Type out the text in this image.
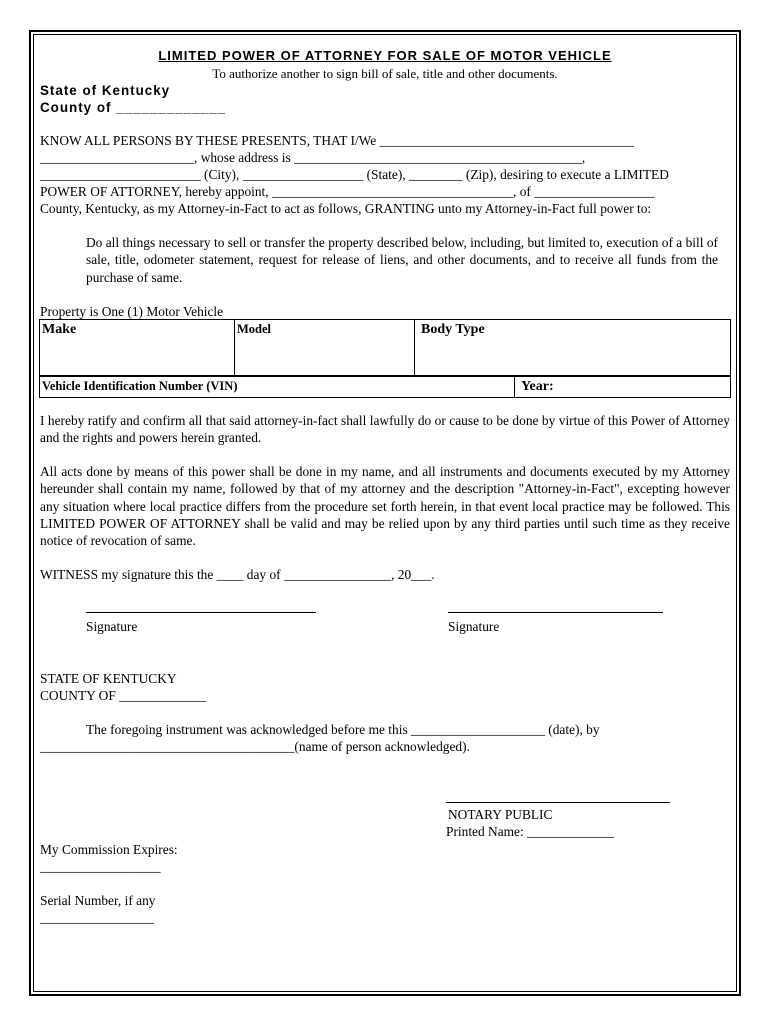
LIMITED POWER OF ATTORNEY FOR SALE OF MOTOR VEHICLE
To authorize another to sign bill of sale, title and other documents.
State of Kentucky
County of _____________
KNOW ALL PERSONS BY THESE PRESENTS, THAT I/We ______________________________________
_______________________, whose address is ___________________________________________,
________________________ (City), __________________ (State), ________ (Zip), desiring to execute a LIMITED
POWER OF ATTORNEY, hereby appoint, ____________________________________, of __________________
County, Kentucky, as my Attorney-in-Fact to act as follows, GRANTING unto my Attorney-in-Fact full power to:
Do all things necessary to sell or transfer the property described below, including, but limited to, execution of a bill of sale, title, odometer statement, request for release of liens, and other documents, and to receive all funds from the purchase of same.
Property is One (1) Motor Vehicle
Make	Model	Body Type
Vehicle Identification Number (VIN)	Year:
I hereby ratify and confirm all that said attorney-in-fact shall lawfully do or cause to be done by virtue of this Power of Attorney and the rights and powers herein granted.
All acts done by means of this power shall be done in my name, and all instruments and documents executed by my Attorney hereunder shall contain my name, followed by that of my attorney and the description "Attorney-in-Fact", excepting however any situation where local practice differs from the procedure set forth herein, in that event local practice may be followed. This LIMITED POWER OF ATTORNEY shall be valid and may be relied upon by any third parties until such time as they receive notice of revocation of same.
WITNESS my signature this the ____ day of ________________, 20___.
Signature	Signature
STATE OF KENTUCKY
COUNTY OF _____________
The foregoing instrument was acknowledged before me this ____________________ (date), by
______________________________________(name of person acknowledged).
NOTARY PUBLIC
Printed Name: _____________
My Commission Expires:
__________________
Serial Number, if any
_________________
